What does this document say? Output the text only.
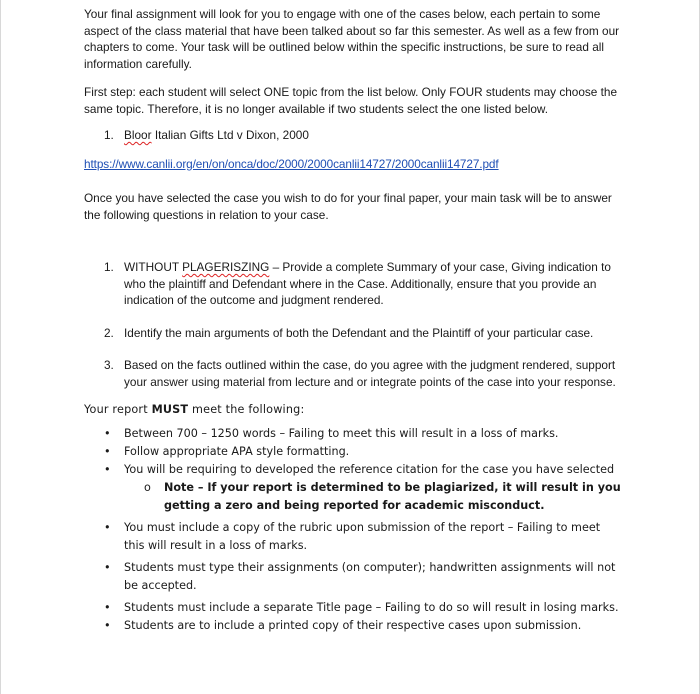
Your final assignment will look for you to engage with one of the cases below, each pertain to some aspect of the class material that have been talked about so far this semester. As well as a few from our chapters to come. Your task will be outlined below within the specific instructions, be sure to read all information carefully.

First step: each student will select ONE topic from the list below. Only FOUR students may choose the same topic. Therefore, it is no longer available if two students select the one listed below.

1. Bloor Italian Gifts Ltd v Dixon, 2000
https://www.canlii.org/en/on/onca/doc/2000/2000canlii14727/2000canlii14727.pdf

Once you have selected the case you wish to do for your final paper, your main task will be to answer the following questions in relation to your case.

1. WITHOUT PLAGERISZING – Provide a complete Summary of your case, Giving indication to who the plaintiff and Defendant where in the Case. Additionally, ensure that you provide an indication of the outcome and judgment rendered.
2. Identify the main arguments of both the Defendant and the Plaintiff of your particular case.
3. Based on the facts outlined within the case, do you agree with the judgment rendered, support your answer using material from lecture and or integrate points of the case into your response.

Your report MUST meet the following:

• Between 700 – 1250 words – Failing to meet this will result in a loss of marks.
• Follow appropriate APA style formatting.
• You will be requiring to developed the reference citation for the case you have selected
o Note – If your report is determined to be plagiarized, it will result in you getting a zero and being reported for academic misconduct.
• You must include a copy of the rubric upon submission of the report – Failing to meet this will result in a loss of marks.
• Students must type their assignments (on computer); handwritten assignments will not be accepted.
• Students must include a separate Title page – Failing to do so will result in losing marks.
• Students are to include a printed copy of their respective cases upon submission.
